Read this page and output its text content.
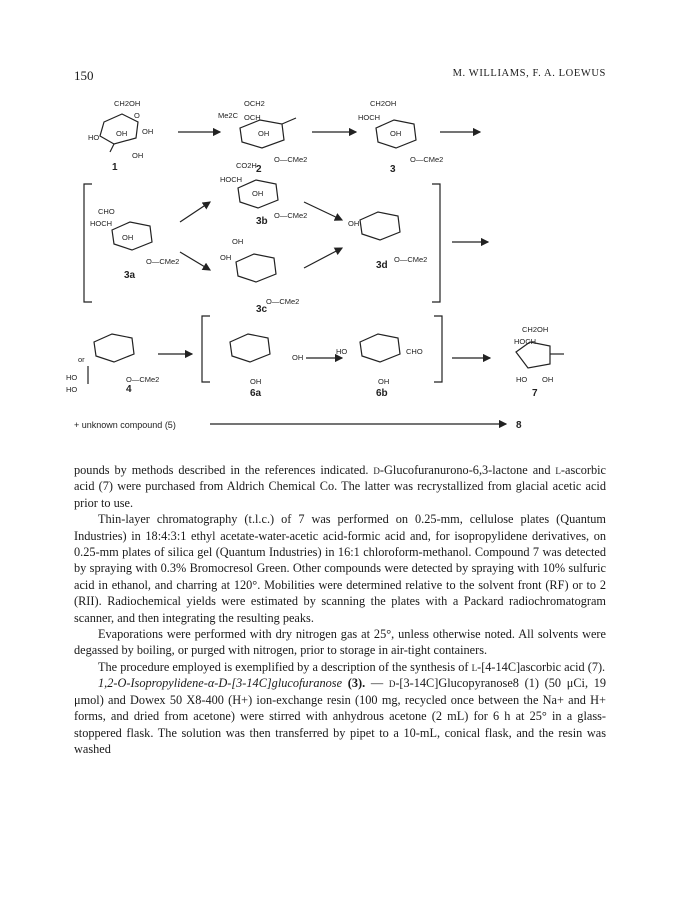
150	M. WILLIAMS, F. A. LOEWUS
1	2	3
3a
3b
3c
3d
4	6a	6b	7
8
CH2OH
OH OH
HO
OH
O
OCH2
Me2C OCH
OH
O—CMe2
CH2OH
HOCH
OH
O—CMe2
CO2H
HOCH
OH
O—CMe2
CHO
HOCH
OH
O—CMe2
OH
OH
O—CMe2
OH
O—CMe2
or
HO
HO
O—CMe2
OH
OH
HO	CHO
OH
CH2OH
HOCH
HO OH
+ unknown compound (5)

pounds by methods described in the references indicated. d-Glucofuranurono-6,3-lactone and l-ascorbic acid (7) were purchased from Aldrich Chemical Co. The latter was recrystallized from glacial acetic acid prior to use.

Thin-layer chromatography (t.l.c.) of 7 was performed on 0.25-mm, cellulose plates (Quantum Industries) in 18:4:3:1 ethyl acetate-water-acetic acid-formic acid and, for isopropylidene derivatives, on 0.25-mm plates of silica gel (Quantum Industries) in 16:1 chloroform-methanol. Compound 7 was detected by spraying with 0.3% Bromocresol Green. Other compounds were detected by spraying with 10% sulfuric acid in ethanol, and charring at 120°. Mobilities were determined relative to the solvent front (RF) or to 2 (RII). Radiochemical yields were estimated by scanning the plates with a Packard radiochromatogram scanner, and then integrating the resulting peaks.

Evaporations were performed with dry nitrogen gas at 25°, unless otherwise noted. All solvents were degassed by boiling, or purged with nitrogen, prior to storage in air-tight containers.

The procedure employed is exemplified by a description of the synthesis of l-[4-14C]ascorbic acid (7).

1,2-O-Isopropylidene-α-D-[3-14C]glucofuranose (3). — d-[3-14C]Glucopyranose8 (1) (50 μCi, 19 μmol) and Dowex 50 X8-400 (H+) ion-exchange resin (100 mg, recycled once between the Na+ and H+ forms, and dried from acetone) were stirred with anhydrous acetone (2 mL) for 6 h at 25° in a glass-stoppered flask. The solution was then transferred by pipet to a 10-mL, conical flask, and the resin was washed
